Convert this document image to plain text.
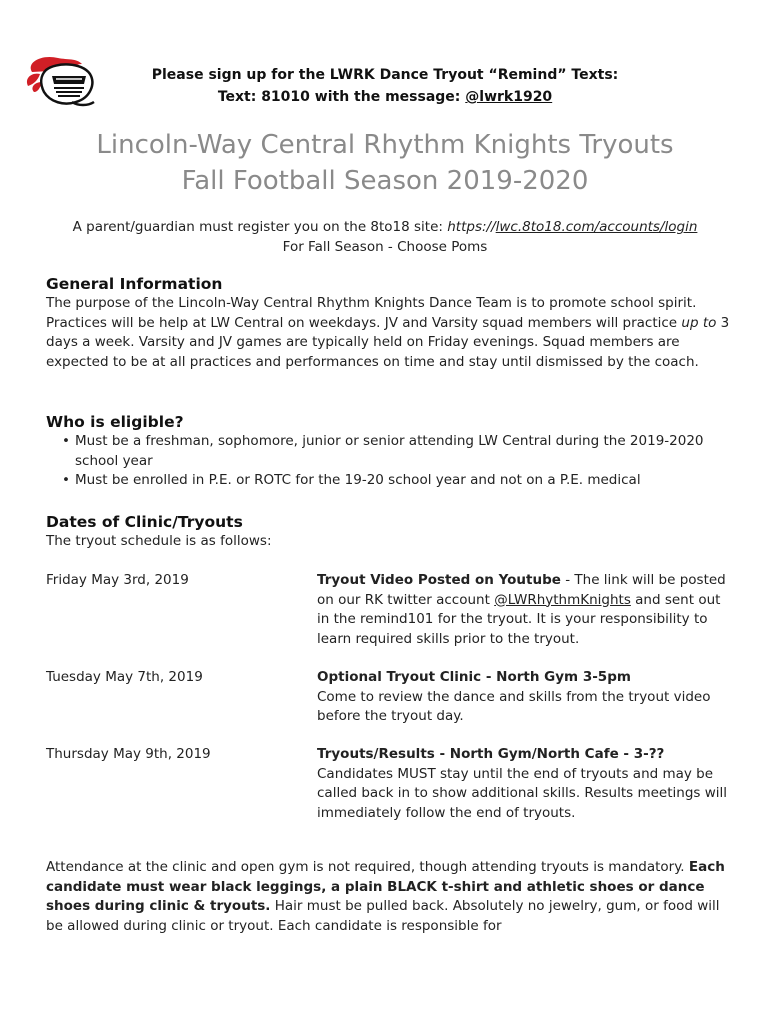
Please sign up for the LWRK Dance Tryout “Remind” Texts:
Text: 81010 with the message: @lwrk1920
Lincoln-Way Central Rhythm Knights Tryouts
Fall Football Season 2019-2020
A parent/guardian must register you on the 8to18 site: https://lwc.8to18.com/accounts/login
For Fall Season - Choose Poms
General Information
The purpose of the Lincoln-Way Central Rhythm Knights Dance Team is to promote school spirit. Practices will be help at LW Central on weekdays. JV and Varsity squad members will practice up to 3 days a week. Varsity and JV games are typically held on Friday evenings. Squad members are expected to be at all practices and performances on time and stay until dismissed by the coach.
Who is eligible?
• Must be a freshman, sophomore, junior or senior attending LW Central during the 2019-2020 school year
• Must be enrolled in P.E. or ROTC for the 19-20 school year and not on a P.E. medical
Dates of Clinic/Tryouts
The tryout schedule is as follows:
Friday May 3rd, 2019	Tryout Video Posted on Youtube - The link will be posted on our RK twitter account @LWRhythmKnights and sent out in the remind101 for the tryout. It is your responsibility to learn required skills prior to the tryout.
Tuesday May 7th, 2019	Optional Tryout Clinic - North Gym 3-5pm
Come to review the dance and skills from the tryout video before the tryout day.
Thursday May 9th, 2019	Tryouts/Results - North Gym/North Cafe - 3-??
Candidates MUST stay until the end of tryouts and may be called back in to show additional skills. Results meetings will immediately follow the end of tryouts.
Attendance at the clinic and open gym is not required, though attending tryouts is mandatory. Each candidate must wear black leggings, a plain BLACK t-shirt and athletic shoes or dance shoes during clinic & tryouts. Hair must be pulled back. Absolutely no jewelry, gum, or food will be allowed during clinic or tryout. Each candidate is responsible for
